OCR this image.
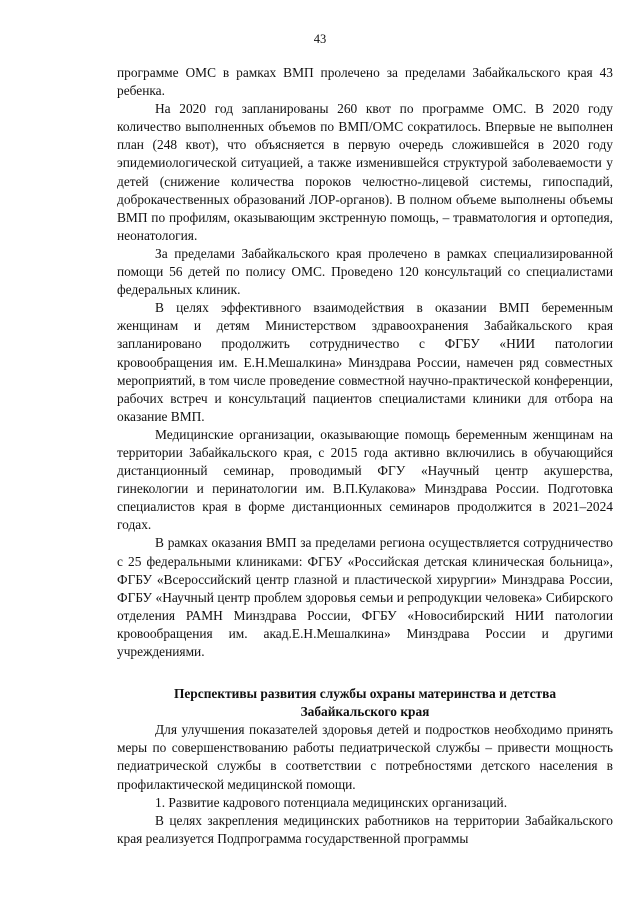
43

программе ОМС в рамках ВМП пролечено за пределами Забайкальского края 43 ребенка.

На 2020 год запланированы 260 квот по программе ОМС. В 2020 году количество выполненных объемов по ВМП/ОМС сократилось. Впервые не выполнен план (248 квот), что объясняется в первую очередь сложившейся в 2020 году эпидемиологической ситуацией, а также изменившейся структурой заболеваемости у детей (снижение количества пороков челюстно-лицевой системы, гипоспадий, доброкачественных образований ЛОР-органов). В полном объеме выполнены объемы ВМП по профилям, оказывающим экстренную помощь, – травматология и ортопедия, неонатология.

За пределами Забайкальского края пролечено в рамках специализированной помощи 56 детей по полису ОМС. Проведено 120 консультаций со специалистами федеральных клиник.

В целях эффективного взаимодействия в оказании ВМП беременным женщинам и детям Министерством здравоохранения Забайкальского края запланировано продолжить сотрудничество с ФГБУ «НИИ патологии кровообращения им. Е.Н.Мешалкина» Минздрава России, намечен ряд совместных мероприятий, в том числе проведение совместной научно-практической конференции, рабочих встреч и консультаций пациентов специалистами клиники для отбора на оказание ВМП.

Медицинские организации, оказывающие помощь беременным женщинам на территории Забайкальского края, с 2015 года активно включились в обучающийся дистанционный семинар, проводимый ФГУ «Научный центр акушерства, гинекологии и перинатологии им. В.П.Кулакова» Минздрава России. Подготовка специалистов края в форме дистанционных семинаров продолжится в 2021–2024 годах.

В рамках оказания ВМП за пределами региона осуществляется сотрудничество с 25 федеральными клиниками: ФГБУ «Российская детская клиническая больница», ФГБУ «Всероссийский центр глазной и пластической хирургии» Минздрава России, ФГБУ «Научный центр проблем здоровья семьи и репродукции человека» Сибирского отделения РАМН Минздрава России, ФГБУ «Новосибирский НИИ патологии кровообращения им. акад.Е.Н.Мешалкина» Минздрава России и другими учреждениями.

Перспективы развития службы охраны материнства и детства
Забайкальского края

Для улучшения показателей здоровья детей и подростков необходимо принять меры по совершенствованию работы педиатрической службы – привести мощность педиатрической службы в соответствии с потребностями детского населения в профилактической медицинской помощи.

1. Развитие кадрового потенциала медицинских организаций.

В целях закрепления медицинских работников на территории Забайкальского края реализуется Подпрограмма государственной программы
